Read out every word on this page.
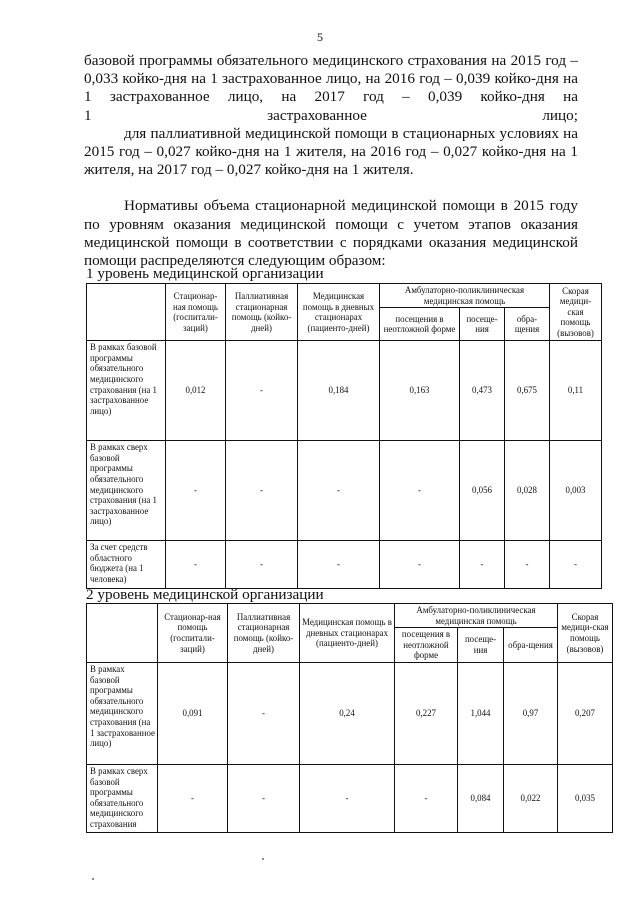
5

базовой программы обязательного медицинского страхования на 2015 год – 0,033 койко-дня на 1 застрахованное лицо, на 2016 год – 0,039 койко-дня на 1 застрахованное лицо, на 2017 год – 0,039 койко-дня на
1 застрахованное лицо;

для паллиативной медицинской помощи в стационарных условиях на 2015 год – 0,027 койко-дня на 1 жителя, на 2016 год – 0,027 койко-дня на 1 жителя, на 2017 год – 0,027 койко-дня на 1 жителя.

Нормативы объема стационарной медицинской помощи в 2015 году по уровням оказания медицинской помощи с учетом этапов оказания медицинской помощи в соответствии с порядками оказания медицинской помощи распределяются следующим образом:

1 уровень медицинской организации
	Стационар-ная помощь (госпитали-заций)	Паллиативная стационарная помощь (койко-дней)	Медицинская помощь в дневных стационарах (пациенто-дней)	Амбулаторно-поликлиническая медицинская помощь			Скорая медици-ская помощь (вызовов)
				посещения в неотложной форме	посеще-ния	обра-щения	
В рамках базовой программы обязательного медицинского страхования (на 1 застрахованное лицо)	0,012	-	0,184	0,163	0,473	0,675	0,11
В рамках сверх базовой программы обязательного медицинского страхования (на 1 застрахованное лицо)	-	-	-	-	0,056	0,028	0,003
За счет средств областного бюджета (на 1 человека)	-	-	-	-	-	-	-
2 уровень медицинской организации
	Стационар-ная помощь (госпитали-заций)	Паллиативная стационарная помощь (койко-дней)	Медицинская помощь в дневных стационарах (пациенто-дней)	Амбулаторно-поликлиническая медицинская помощь			Скорая медици-ская помощь (вызовов)
				посещения в неотложной форме	посеще-ния	обра-щения	
В рамках базовой программы обязательного медицинского страхования (на 1 застрахованное лицо)	0,091	-	0,24	0,227	1,044	0,97	0,207
В рамках сверх базовой программы обязательного медицинского страхования	-	-	-	-	0,084	0,022	0,035
